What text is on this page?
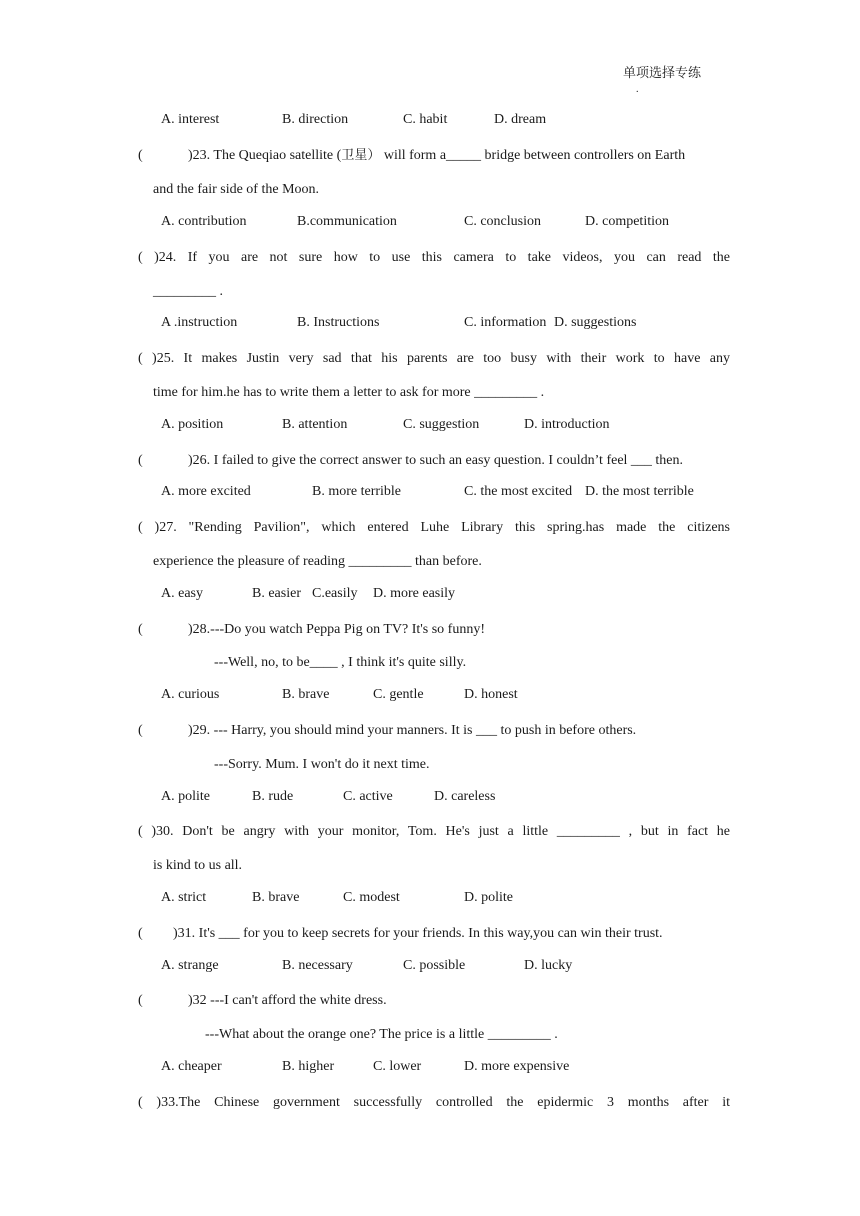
单项选择专练
.
A. interest	B. direction	C. habit	D. dream
(	)23. The Queqiao satellite (卫星） will form a_____ bridge between controllers on Earth
and the fair side of the Moon.
A. contribution	B.communication	C. conclusion	D. competition
( )24. If you are not sure how to use this camera to take videos, you can read the
_________ .
A .instruction	B. Instructions	C. information D. suggestions
( )25. It makes Justin very sad that his parents are too busy with their work to have any
time for him.he has to write them a letter to ask for more _________ .
A. position	B. attention	C. suggestion	D. introduction
(	)26. I failed to give the correct answer to such an easy question. I couldn’t feel ___ then.
A. more excited	B. more terrible	C. the most excited D. the most terrible
( )27. "Rending Pavilion", which entered Luhe Library this spring.has made the citizens
experience the pleasure of reading _________ than before.
A. easy	B. easier C.easily D. more easily
(	)28.---Do you watch Peppa Pig on TV? It's so funny!
---Well, no, to be____ , I think it's quite silly.
A. curious	B. brave	C. gentle	D. honest
(	)29. --- Harry, you should mind your manners. It is ___ to push in before others.
---Sorry. Mum. I won't do it next time.
A. polite	B. rude	C. active	D. careless
( )30. Don't be angry with your monitor, Tom. He's just a little _________ , but in fact he
is kind to us all.
A. strict	B. brave	C. modest	D. polite
( )31. It's ___ for you to keep secrets for your friends. In this way,you can win their trust.
A. strange	B. necessary	C. possible	D. lucky
(	)32 ---I can't afford the white dress.
---What about the orange one? The price is a little _________ .
A. cheaper	B. higher	C. lower	D. more expensive
( )33.The Chinese government successfully controlled the epidermic 3 months after it
